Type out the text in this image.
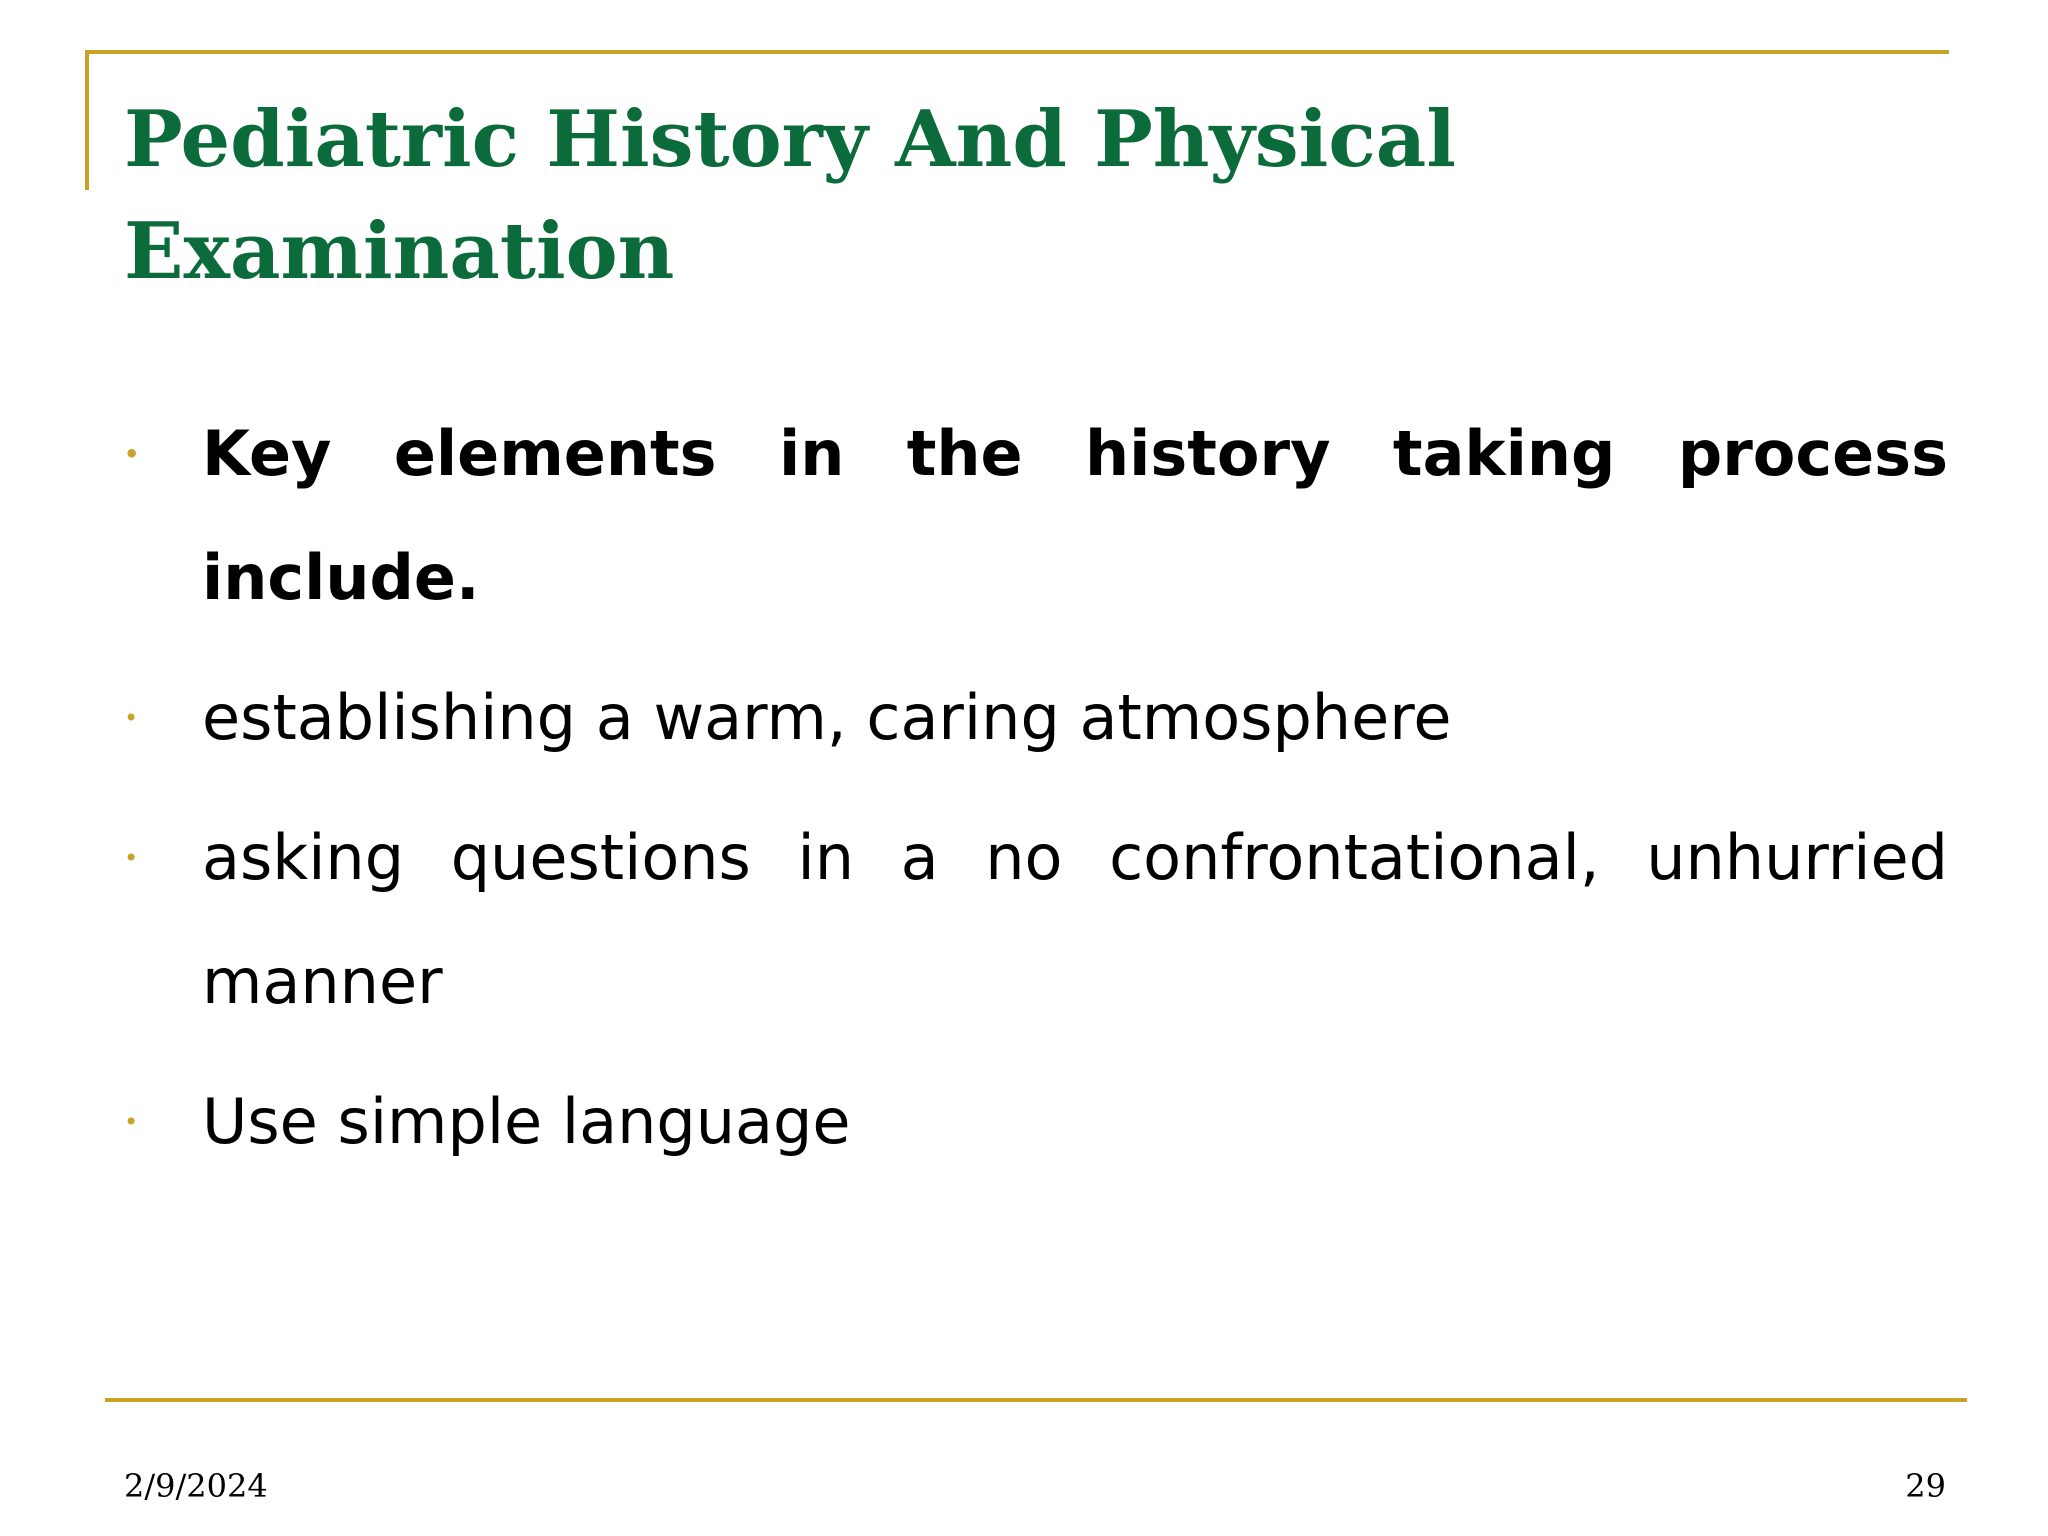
Pediatric History And Physical Examination
• Key elements in the history taking process include.
• establishing a warm, caring atmosphere
• asking questions in a no confrontational, unhurried manner
• Use simple language
2/9/2024	29
